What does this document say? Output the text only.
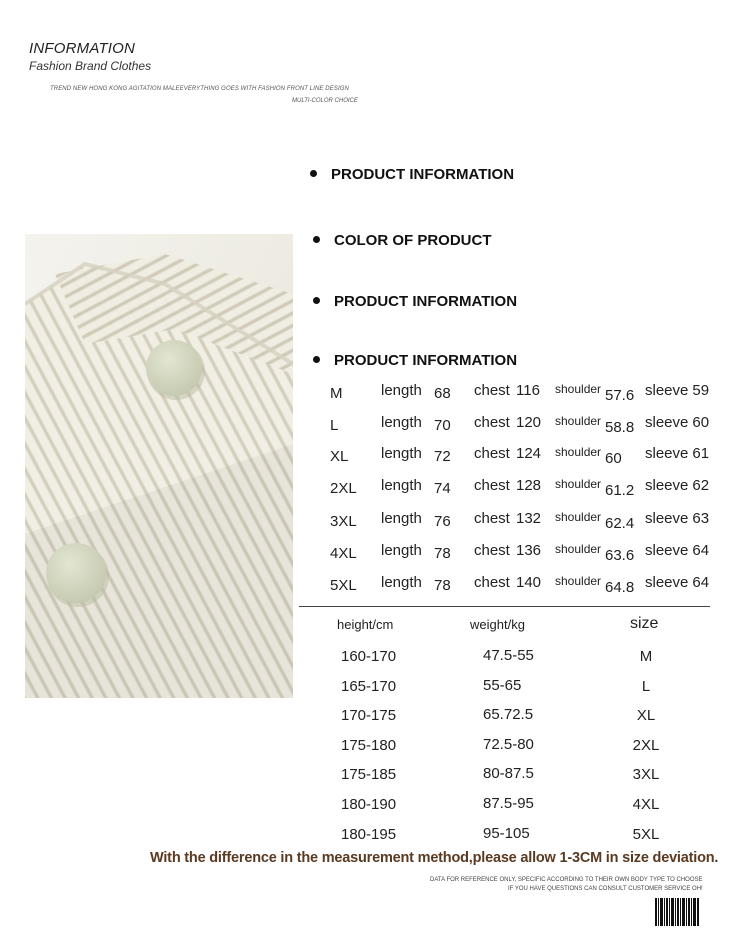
INFORMATION
Fashion Brand Clothes
TREND NEW HONG KONG AGITATION MALEEVERYTHING GOES WITH FASHION FRONT LINE DESIGN
MULTI-COLOR CHOICE
PRODUCT INFORMATION
COLOR OF PRODUCT
PRODUCT INFORMATION
PRODUCT INFORMATION
M	length 68 chest 116 shoulder 57.6 sleeve 59
L	length 70 chest 120 shoulder 58.8 sleeve 60
XL length 72 chest 124 shoulder 60 sleeve 61
2XL length 74 chest 128 shoulder 61.2 sleeve 62
3XL length 76 chest 132 shoulder 62.4 sleeve 63
4XL length 78 chest 136 shoulder 63.6 sleeve 64
5XL length 78 chest 140 shoulder 64.8 sleeve 64
height/cm	weight/kg	size
160-170	47.5-55	M
165-170	55-65	L
170-175	65.72.5	XL
175-180	72.5-80	2XL
175-185	80-87.5	3XL
180-190	87.5-95	4XL
180-195	95-105	5XL
With the difference in the measurement method,please allow 1-3CM in size deviation.
DATA FOR REFERENCE ONLY, SPECIFIC ACCORDING TO THEIR OWN BODY TYPE TO CHOOSE
IF YOU HAVE QUESTIONS CAN CONSULT CUSTOMER SERVICE OH!
